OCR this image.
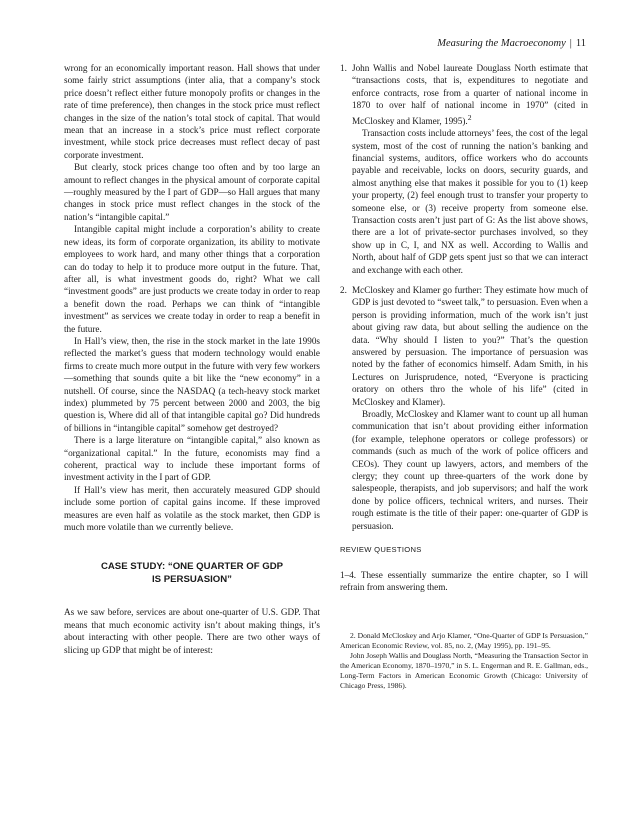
Measuring the Macroeconomy | 11

wrong for an economically important reason. Hall shows that under some fairly strict assumptions (inter alia, that a company’s stock price doesn’t reflect either future monopoly profits or changes in the rate of time preference), then changes in the stock price must reflect changes in the size of the nation’s total stock of capital. That would mean that an increase in a stock’s price must reflect corporate investment, while stock price decreases must reflect decay of past corporate investment.

But clearly, stock prices change too often and by too large an amount to reflect changes in the physical amount of corporate capital—roughly measured by the I part of GDP—so Hall argues that many changes in stock price must reflect changes in the stock of the nation’s “intangible capital.”

Intangible capital might include a corporation’s ability to create new ideas, its form of corporate organization, its ability to motivate employees to work hard, and many other things that a corporation can do today to help it to produce more output in the future. That, after all, is what investment goods do, right? What we call “investment goods” are just products we create today in order to reap a benefit down the road. Perhaps we can think of “intangible investment” as services we create today in order to reap a benefit in the future.

In Hall’s view, then, the rise in the stock market in the late 1990s reflected the market’s guess that modern technology would enable firms to create much more output in the future with very few workers—something that sounds quite a bit like the “new economy” in a nutshell. Of course, since the NASDAQ (a tech-heavy stock market index) plummeted by 75 percent between 2000 and 2003, the big question is, Where did all of that intangible capital go? Did hundreds of billions in “intangible capital” somehow get destroyed?

There is a large literature on “intangible capital,” also known as “organizational capital.” In the future, economists may find a coherent, practical way to include these important forms of investment activity in the I part of GDP.

If Hall’s view has merit, then accurately measured GDP should include some portion of capital gains income. If these improved measures are even half as volatile as the stock market, then GDP is much more volatile than we currently believe.

CASE STUDY: “ONE QUARTER OF GDP
IS PERSUASION”

As we saw before, services are about one-quarter of U.S. GDP. That means that much economic activity isn’t about making things, it’s about interacting with other people. There are two other ways of slicing up GDP that might be of interest:

1. John Wallis and Nobel laureate Douglass North estimate that “transactions costs, that is, expenditures to negotiate and enforce contracts, rose from a quarter of national income in 1870 to over half of national income in 1970” (cited in McCloskey and Klamer, 1995).$^2$

Transaction costs include attorneys’ fees, the cost of the legal system, most of the cost of running the nation’s banking and financial systems, auditors, office workers who do accounts payable and receivable, locks on doors, security guards, and almost anything else that makes it possible for you to (1) keep your property, (2) feel enough trust to transfer your property to someone else, or (3) receive property from someone else. Transaction costs aren’t just part of G: As the list above shows, there are a lot of private-sector purchases involved, so they show up in C, I, and NX as well. According to Wallis and North, about half of GDP gets spent just so that we can interact and exchange with each other.

2. McCloskey and Klamer go further: They estimate how much of GDP is just devoted to “sweet talk,” to persuasion. Even when a person is providing information, much of the work isn’t just about giving raw data, but about selling the audience on the data. “Why should I listen to you?” That’s the question answered by persuasion. The importance of persuasion was noted by the father of economics himself. Adam Smith, in his Lectures on Jurisprudence, noted, “Everyone is practicing oratory on others thro the whole of his life” (cited in McCloskey and Klamer).

Broadly, McCloskey and Klamer want to count up all human communication that isn’t about providing either information (for example, telephone operators or college professors) or commands (such as much of the work of police officers and CEOs). They count up lawyers, actors, and members of the clergy; they count up three-quarters of the work done by salespeople, therapists, and job supervisors; and half the work done by police officers, technical writers, and nurses. Their rough estimate is the title of their paper: one-quarter of GDP is persuasion.

REVIEW QUESTIONS

1–4. These essentially summarize the entire chapter, so I will refrain from answering them.

2. Donald McCloskey and Arjo Klamer, “One-Quarter of GDP Is Persuasion,” American Economic Review, vol. 85, no. 2, (May 1995), pp. 191–95.

John Joseph Wallis and Douglass North, “Measuring the Transaction Sector in the American Economy, 1870–1970,” in S. L. Engerman and R. E. Gallman, eds., Long-Term Factors in American Economic Growth (Chicago: University of Chicago Press, 1986).
